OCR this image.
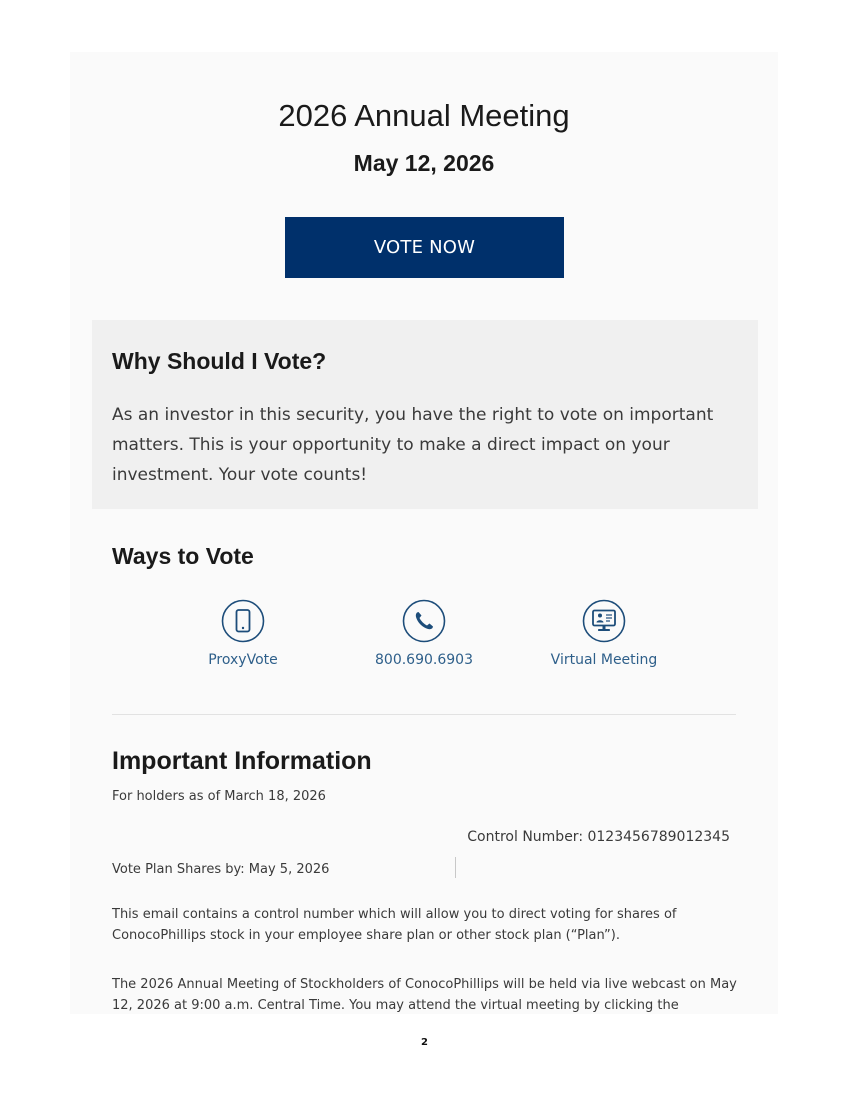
2026 Annual Meeting
May 12, 2026
VOTE NOW
Why Should I Vote?

As an investor in this security, you have the right to vote on important matters. This is your opportunity to make a direct impact on your investment. Your vote counts!

Ways to Vote
ProxyVote	800.690.6903	Virtual Meeting
Important Information
For holders as of March 18, 2026
Control Number: 0123456789012345
Vote Plan Shares by: May 5, 2026

This email contains a control number which will allow you to direct voting for shares of ConocoPhillips stock in your employee share plan or other stock plan (“Plan”).

The 2026 Annual Meeting of Stockholders of ConocoPhillips will be held via live webcast on May 12, 2026 at 9:00 a.m. Central Time. You may attend the virtual meeting by clicking the

2
